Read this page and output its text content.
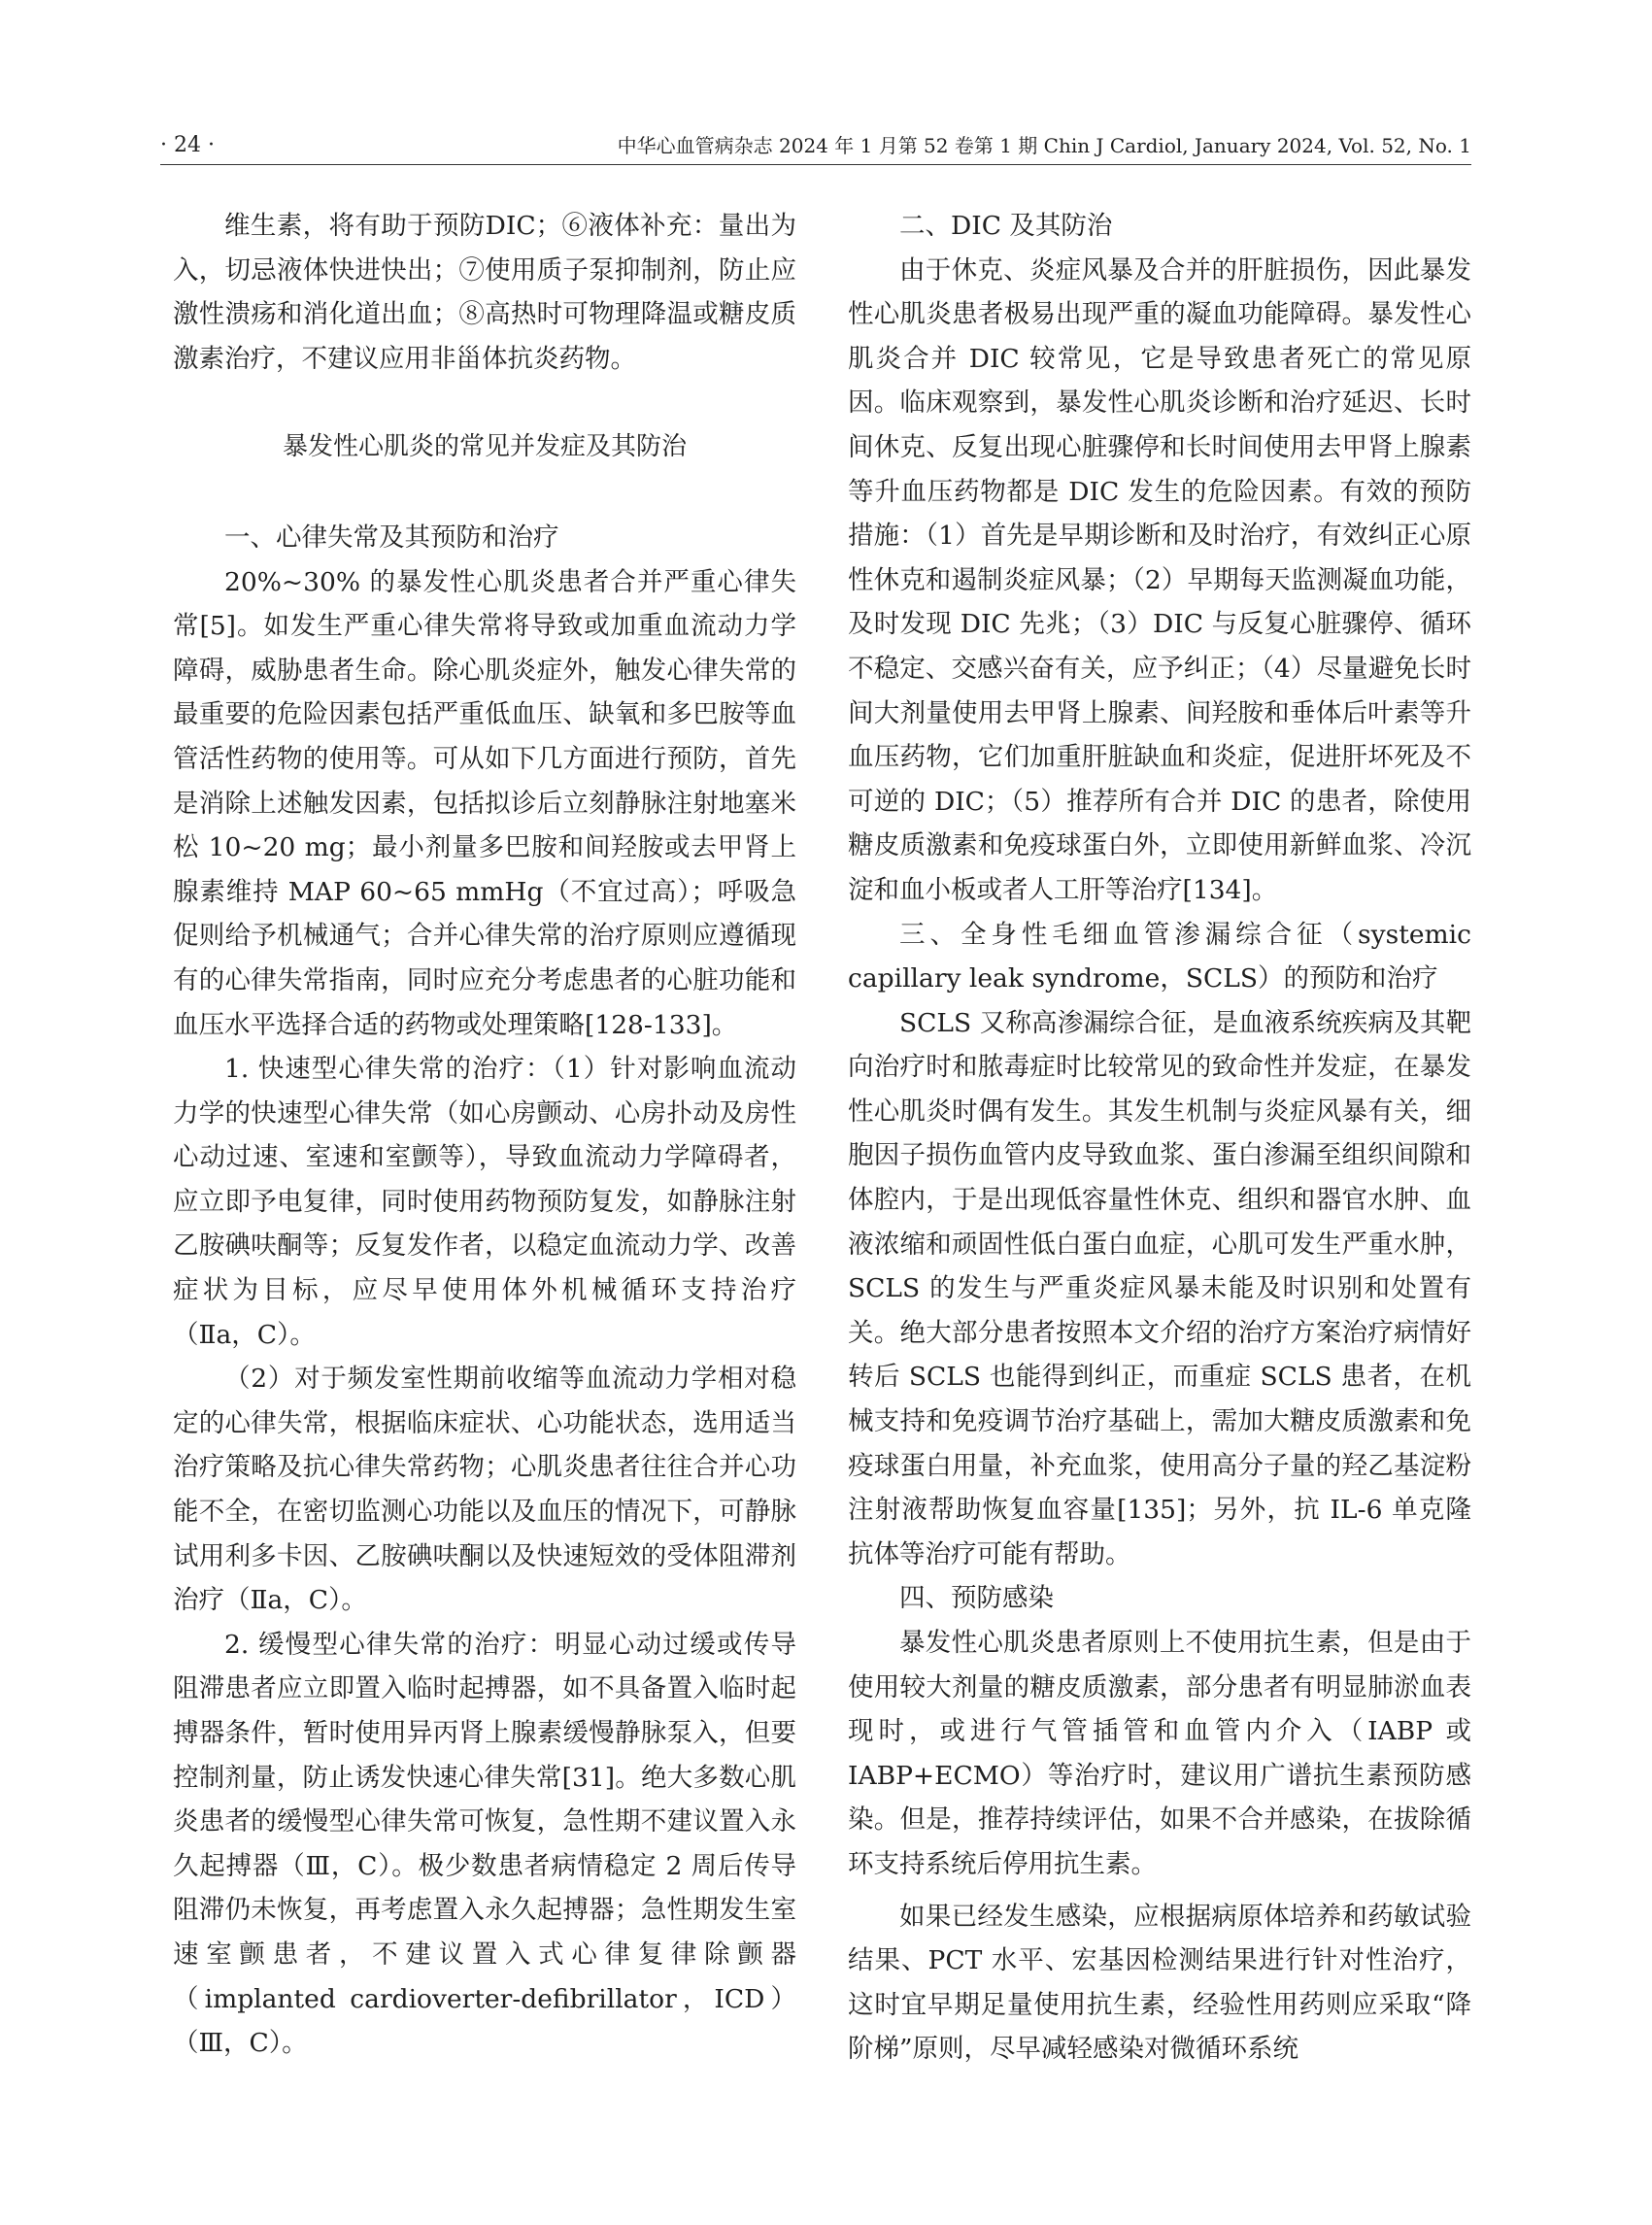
· 24 ·	中华心血管病杂志 2024 年 1 月第 52 卷第 1 期 Chin J Cardiol, January 2024, Vol. 52, No. 1

维生素，将有助于预防DIC；⑥液体补充：量出为入，切忌液体快进快出；⑦使用质子泵抑制剂，防止应激性溃疡和消化道出血；⑧高热时可物理降温或糖皮质激素治疗，不建议应用非甾体抗炎药物。

暴发性心肌炎的常见并发症及其防治

一、心律失常及其预防和治疗

20%~30% 的暴发性心肌炎患者合并严重心律失常[5]。如发生严重心律失常将导致或加重血流动力学障碍，威胁患者生命。除心肌炎症外，触发心律失常的最重要的危险因素包括严重低血压、缺氧和多巴胺等血管活性药物的使用等。可从如下几方面进行预防，首先是消除上述触发因素，包括拟诊后立刻静脉注射地塞米松 10~20 mg；最小剂量多巴胺和间羟胺或去甲肾上腺素维持 MAP 60~65 mmHg（不宜过高）；呼吸急促则给予机械通气；合并心律失常的治疗原则应遵循现有的心律失常指南，同时应充分考虑患者的心脏功能和血压水平选择合适的药物或处理策略[128-133]。

1. 快速型心律失常的治疗：（1）针对影响血流动力学的快速型心律失常（如心房颤动、心房扑动及房性心动过速、室速和室颤等），导致血流动力学障碍者，应立即予电复律，同时使用药物预防复发，如静脉注射乙胺碘呋酮等；反复发作者，以稳定血流动力学、改善症状为目标，应尽早使用体外机械循环支持治疗（Ⅱa，C）。

（2）对于频发室性期前收缩等血流动力学相对稳定的心律失常，根据临床症状、心功能状态，选用适当治疗策略及抗心律失常药物；心肌炎患者往往合并心功能不全，在密切监测心功能以及血压的情况下，可静脉试用利多卡因、乙胺碘呋酮以及快速短效的受体阻滞剂治疗（Ⅱa，C）。

2. 缓慢型心律失常的治疗：明显心动过缓或传导阻滞患者应立即置入临时起搏器，如不具备置入临时起搏器条件，暂时使用异丙肾上腺素缓慢静脉泵入，但要控制剂量，防止诱发快速心律失常[31]。绝大多数心肌炎患者的缓慢型心律失常可恢复，急性期不建议置入永久起搏器（Ⅲ，C）。极少数患者病情稳定 2 周后传导阻滞仍未恢复，再考虑置入永久起搏器；急性期发生室速室颤患者，不建议置入式心律复律除颤器（implanted cardioverter-defibrillator，ICD）（Ⅲ，C）。

二、DIC 及其防治

由于休克、炎症风暴及合并的肝脏损伤，因此暴发性心肌炎患者极易出现严重的凝血功能障碍。暴发性心肌炎合并 DIC 较常见，它是导致患者死亡的常见原因。临床观察到，暴发性心肌炎诊断和治疗延迟、长时间休克、反复出现心脏骤停和长时间使用去甲肾上腺素等升血压药物都是 DIC 发生的危险因素。有效的预防措施：（1）首先是早期诊断和及时治疗，有效纠正心原性休克和遏制炎症风暴；（2）早期每天监测凝血功能，及时发现 DIC 先兆；（3）DIC 与反复心脏骤停、循环不稳定、交感兴奋有关，应予纠正；（4）尽量避免长时间大剂量使用去甲肾上腺素、间羟胺和垂体后叶素等升血压药物，它们加重肝脏缺血和炎症，促进肝坏死及不可逆的 DIC；（5）推荐所有合并 DIC 的患者，除使用糖皮质激素和免疫球蛋白外，立即使用新鲜血浆、冷沉淀和血小板或者人工肝等治疗[134]。

三、全身性毛细血管渗漏综合征（systemic capillary leak syndrome，SCLS）的预防和治疗

SCLS 又称高渗漏综合征，是血液系统疾病及其靶向治疗时和脓毒症时比较常见的致命性并发症，在暴发性心肌炎时偶有发生。其发生机制与炎症风暴有关，细胞因子损伤血管内皮导致血浆、蛋白渗漏至组织间隙和体腔内，于是出现低容量性休克、组织和器官水肿、血液浓缩和顽固性低白蛋白血症，心肌可发生严重水肿，SCLS 的发生与严重炎症风暴未能及时识别和处置有关。绝大部分患者按照本文介绍的治疗方案治疗病情好转后 SCLS 也能得到纠正，而重症 SCLS 患者，在机械支持和免疫调节治疗基础上，需加大糖皮质激素和免疫球蛋白用量，补充血浆，使用高分子量的羟乙基淀粉注射液帮助恢复血容量[135]；另外，抗 IL-6 单克隆抗体等治疗可能有帮助。

四、预防感染

暴发性心肌炎患者原则上不使用抗生素，但是由于使用较大剂量的糖皮质激素，部分患者有明显肺淤血表现时，或进行气管插管和血管内介入（IABP 或 IABP+ECMO）等治疗时，建议用广谱抗生素预防感染。但是，推荐持续评估，如果不合并感染，在拔除循环支持系统后停用抗生素。

如果已经发生感染，应根据病原体培养和药敏试验结果、PCT 水平、宏基因检测结果进行针对性治疗，这时宜早期足量使用抗生素，经验性用药则应采取“降阶梯”原则，尽早减轻感染对微循环系统
